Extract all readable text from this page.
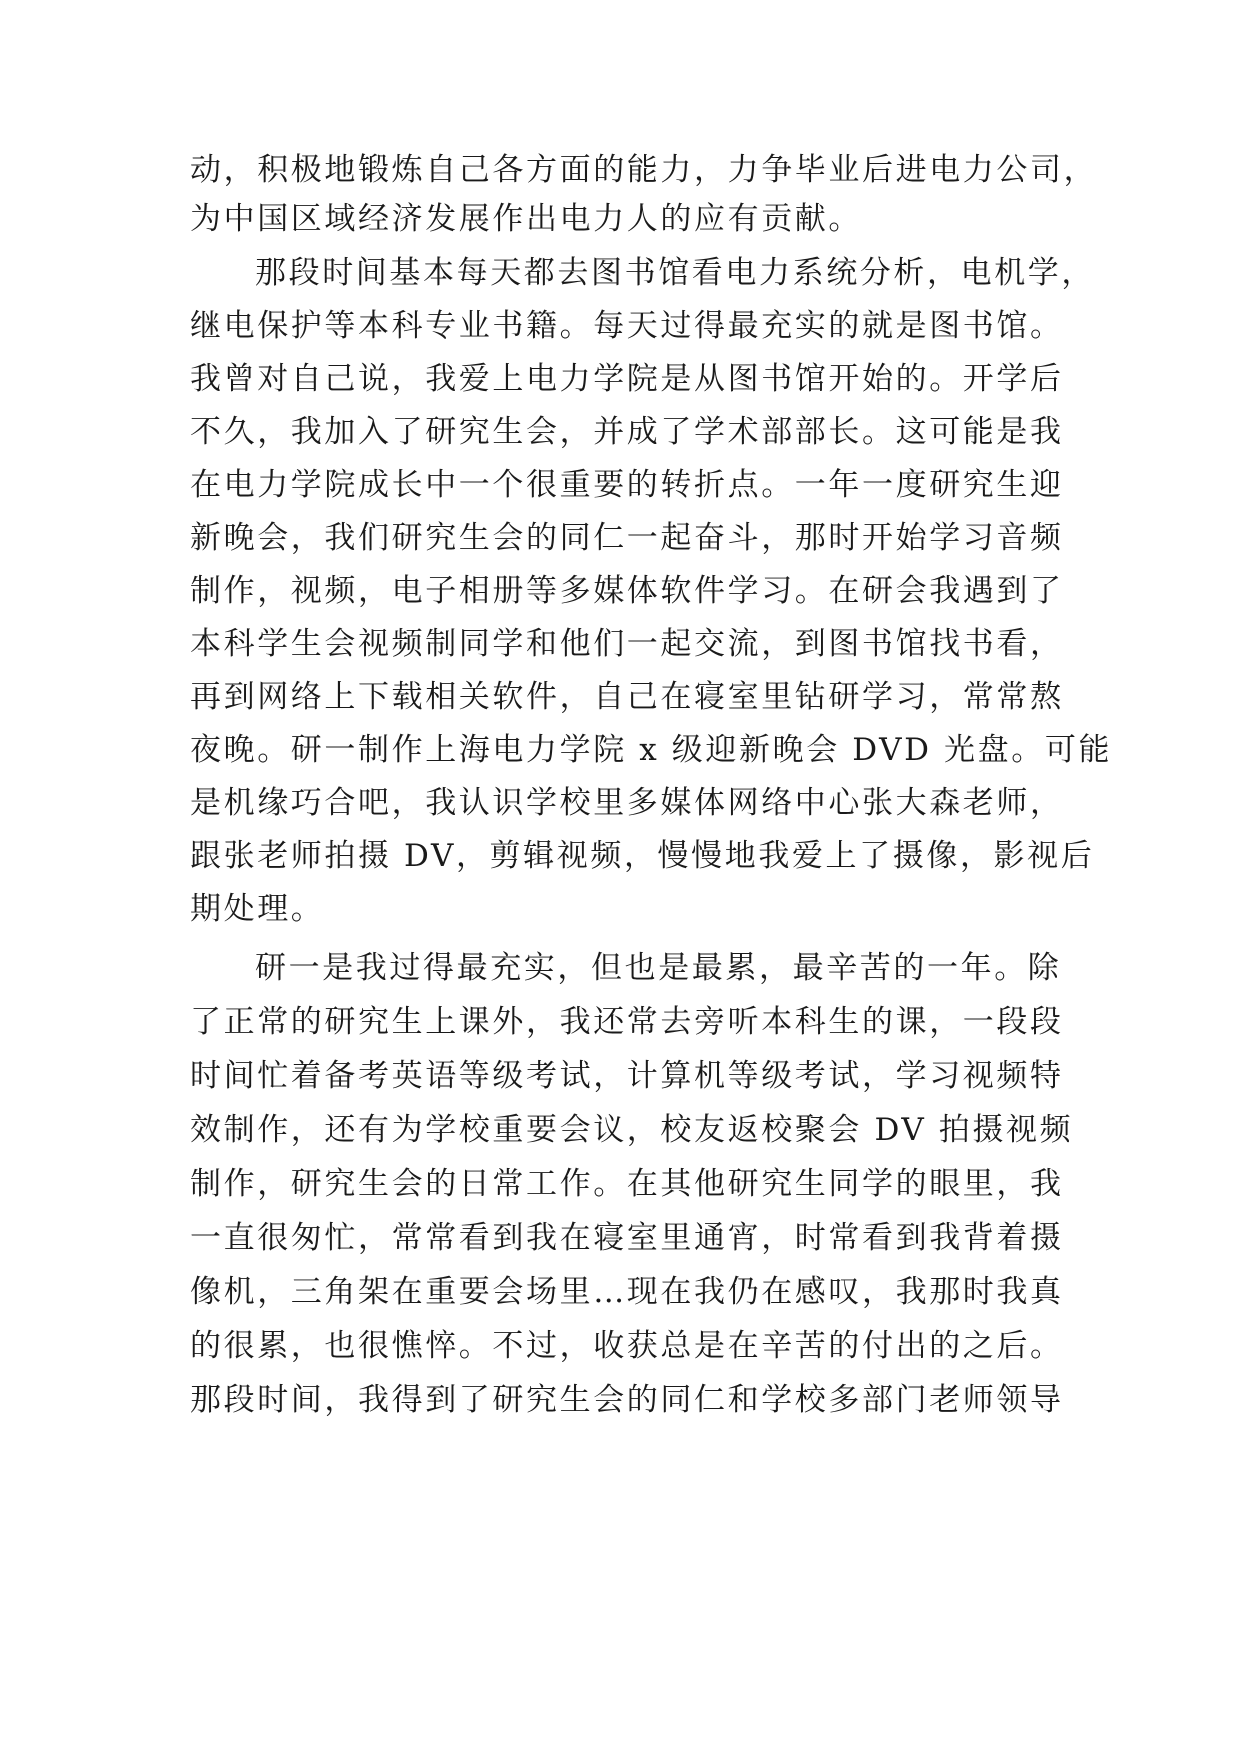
动，积极地锻炼自己各方面的能力，力争毕业后进电力公司，
为中国区域经济发展作出电力人的应有贡献。
那段时间基本每天都去图书馆看电力系统分析，电机学，
继电保护等本科专业书籍。每天过得最充实的就是图书馆。
我曾对自己说，我爱上电力学院是从图书馆开始的。开学后
不久，我加入了研究生会，并成了学术部部长。这可能是我
在电力学院成长中一个很重要的转折点。一年一度研究生迎
新晚会，我们研究生会的同仁一起奋斗，那时开始学习音频
制作，视频，电子相册等多媒体软件学习。在研会我遇到了
本科学生会视频制同学和他们一起交流，到图书馆找书看，
再到网络上下载相关软件，自己在寝室里钻研学习，常常熬
夜晚。研一制作上海电力学院 x 级迎新晚会 DVD 光盘。可能
是机缘巧合吧，我认识学校里多媒体网络中心张大森老师，
跟张老师拍摄 DV，剪辑视频，慢慢地我爱上了摄像，影视后
期处理。
研一是我过得最充实，但也是最累，最辛苦的一年。除
了正常的研究生上课外，我还常去旁听本科生的课，一段段
时间忙着备考英语等级考试，计算机等级考试，学习视频特
效制作，还有为学校重要会议，校友返校聚会 DV 拍摄视频
制作，研究生会的日常工作。在其他研究生同学的眼里，我
一直很匆忙，常常看到我在寝室里通宵，时常看到我背着摄
像机，三角架在重要会场里…现在我仍在感叹，我那时我真
的很累，也很憔悴。不过，收获总是在辛苦的付出的之后。
那段时间，我得到了研究生会的同仁和学校多部门老师领导
